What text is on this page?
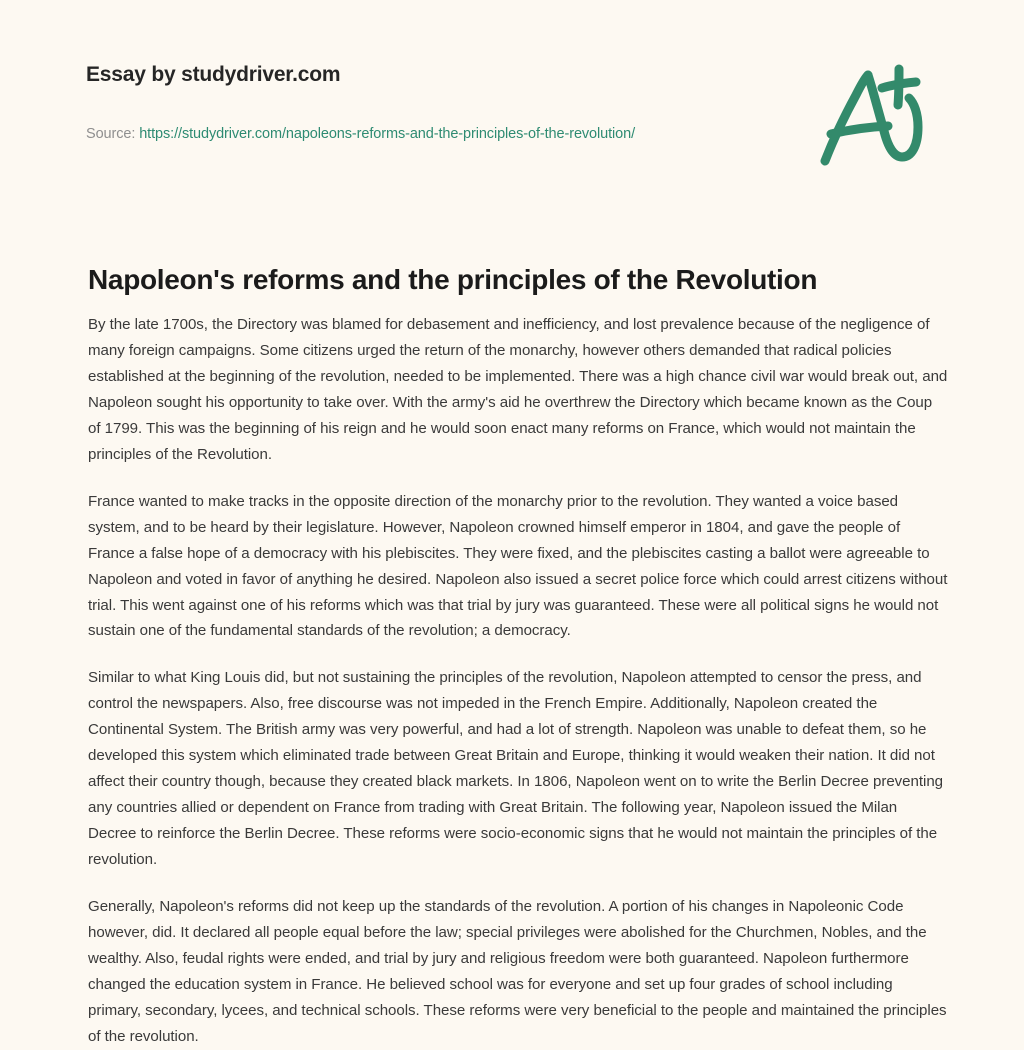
Essay by studydriver.com
Source: https://studydriver.com/napoleons-reforms-and-the-principles-of-the-revolution/
Napoleon's reforms and the principles of the Revolution

By the late 1700s, the Directory was blamed for debasement and inefficiency, and lost prevalence because of the negligence of many foreign campaigns. Some citizens urged the return of the monarchy, however others demanded that radical policies established at the beginning of the revolution, needed to be implemented. There was a high chance civil war would break out, and Napoleon sought his opportunity to take over. With the army's aid he overthrew the Directory which became known as the Coup of 1799. This was the beginning of his reign and he would soon enact many reforms on France, which would not maintain the principles of the Revolution.

France wanted to make tracks in the opposite direction of the monarchy prior to the revolution. They wanted a voice based system, and to be heard by their legislature. However, Napoleon crowned himself emperor in 1804, and gave the people of France a false hope of a democracy with his plebiscites. They were fixed, and the plebiscites casting a ballot were agreeable to Napoleon and voted in favor of anything he desired. Napoleon also issued a secret police force which could arrest citizens without trial. This went against one of his reforms which was that trial by jury was guaranteed. These were all political signs he would not sustain one of the fundamental standards of the revolution; a democracy.

Similar to what King Louis did, but not sustaining the principles of the revolution, Napoleon attempted to censor the press, and control the newspapers. Also, free discourse was not impeded in the French Empire. Additionally, Napoleon created the Continental System. The British army was very powerful, and had a lot of strength. Napoleon was unable to defeat them, so he developed this system which eliminated trade between Great Britain and Europe, thinking it would weaken their nation. It did not affect their country though, because they created black markets. In 1806, Napoleon went on to write the Berlin Decree preventing any countries allied or dependent on France from trading with Great Britain. The following year, Napoleon issued the Milan Decree to reinforce the Berlin Decree. These reforms were socio-economic signs that he would not maintain the principles of the revolution.

Generally, Napoleon's reforms did not keep up the standards of the revolution. A portion of his changes in Napoleonic Code however, did. It declared all people equal before the law; special privileges were abolished for the Churchmen, Nobles, and the wealthy. Also, feudal rights were ended, and trial by jury and religious freedom were both guaranteed. Napoleon furthermore changed the education system in France. He believed school was for everyone and set up four grades of school including primary, secondary, lycees, and technical schools. These reforms were very beneficial to the people and maintained the principles of the revolution.
